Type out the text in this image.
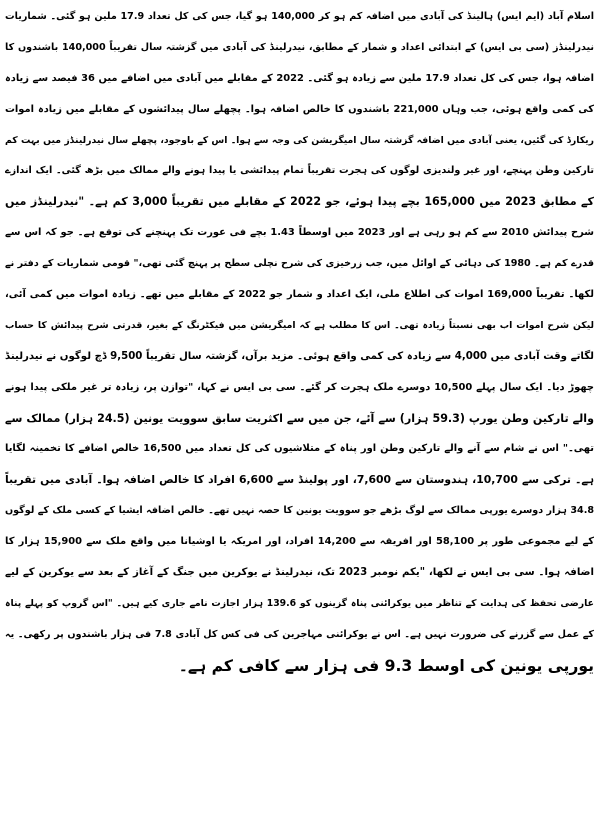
اسلام آباد (ایم ایس) ہالینڈ کی آبادی میں اضافہ کم ہو کر 140,000 ہو گیا، جس کی کل تعداد 17.9 ملین ہو گئی۔ شماریات
نیدرلینڈز (سی بی ایس) کے ابتدائی اعداد و شمار کے مطابق، نیدرلینڈ کی آبادی میں گزشتہ سال تقریباً 140,000 باشندوں کا
اضافہ ہوا، جس کی کل تعداد 17.9 ملین سے زیادہ ہو گئی۔ 2022 کے مقابلے میں آبادی میں اضافے میں 36 فیصد سے زیادہ
کی کمی واقع ہوئی، جب وہاں 221,000 باشندوں کا خالص اضافہ ہوا۔ پچھلے سال پیدائشوں کے مقابلے میں زیادہ اموات
ریکارڈ کی گئیں، یعنی آبادی میں اضافہ گزشتہ سال امیگریشن کی وجہ سے ہوا۔ اس کے باوجود، پچھلے سال نیدرلینڈز میں بہت کم
تارکین وطن پہنچے، اور غیر ولندیزی لوگوں کی ہجرت تقریباً تمام پیدائشی یا پیدا ہونے والے ممالک میں بڑھ گئی۔ ایک اندازے
کے مطابق 2023 میں 165,000 بچے پیدا ہوئے، جو 2022 کے مقابلے میں تقریباً 3,000 کم ہے۔ "نیدرلینڈز میں
شرح پیدائش 2010 سے کم ہو رہی ہے اور 2023 میں اوسطاً 1.43 بچے فی عورت تک پہنچنے کی توقع ہے۔ جو کہ اس سے
قدرے کم ہے۔ 1980 کی دہائی کے اوائل میں، جب زرخیزی کی شرح نچلی سطح پر پہنچ گئی تھی،" قومی شماریات کے دفتر نے
لکھا۔ تقریباً 169,000 اموات کی اطلاع ملی، ایک اعداد و شمار جو 2022 کے مقابلے میں تھے۔ زیادہ اموات میں کمی آئی،
لیکن شرح اموات اب بھی نسبتاً زیادہ تھی۔ اس کا مطلب ہے کہ امیگریشن میں فیکٹرنگ کے بغیر، قدرتی شرح پیدائش کا حساب
لگاتے وقت آبادی میں 4,000 سے زیادہ کی کمی واقع ہوئی۔ مزید برآں، گزشتہ سال تقریباً 9,500 ڈچ لوگوں نے نیدرلینڈ
چھوڑ دیا۔ ایک سال پہلے 10,500 دوسرے ملک ہجرت کر گئے۔ سی بی ایس نے کہا، "توازن پر، زیادہ تر غیر ملکی پیدا ہونے
والے تارکین وطن یورپ (59.3 ہزار) سے آئے، جن میں سے اکثریت سابق سوویت یونین (24.5 ہزار) ممالک سے
تھی۔" اس نے شام سے آنے والے تارکین وطن اور پناہ کے متلاشیوں کی کل تعداد میں 16,500 خالص اضافے کا تخمینہ لگایا
ہے۔ ترکی سے 10,700، ہندوستان سے 7,600، اور پولینڈ سے 6,600 افراد کا خالص اضافہ ہوا۔ آبادی میں تقریباً
34.8 ہزار دوسرے یورپی ممالک سے لوگ بڑھے جو سوویت یونین کا حصہ نہیں تھے۔ خالص اضافہ ایشیا کے کسی ملک کے لوگوں
کے لیے مجموعی طور پر 58,100 اور افریقہ سے 14,200 افراد، اور امریکہ یا اوشیانا میں واقع ملک سے 15,900 ہزار کا
اضافہ ہوا۔ سی بی ایس نے لکھا، "یکم نومبر 2023 تک، نیدرلینڈ نے یوکرین میں جنگ کے آغاز کے بعد سے یوکرین کے لیے
عارضی تحفظ کی ہدایت کے تناظر میں یوکرائنی پناہ گزینوں کو 139.6 ہزار اجازت نامے جاری کیے ہیں۔ "اس گروپ کو پہلے پناہ
کے عمل سے گزرنے کی ضرورت نہیں ہے۔ اس نے یوکرائنی مہاجرین کی فی کس کل آبادی 7.8 فی ہزار باشندوں پر رکھی۔ یہ
یورپی یونین کی اوسط 9.3 فی ہزار سے کافی کم ہے۔
